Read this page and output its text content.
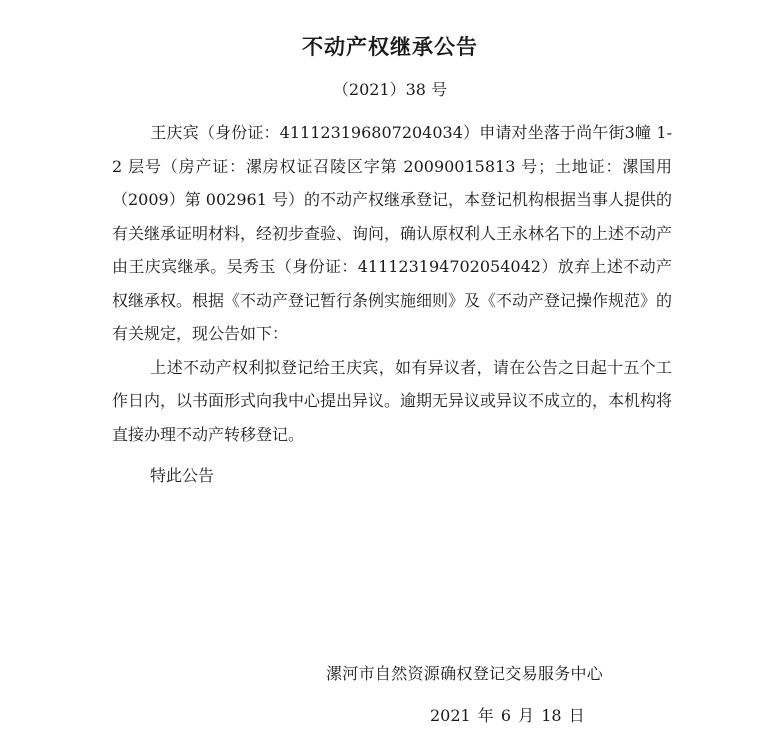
不动产权继承公告
（2021）38 号

王庆宾（身份证：411123196807204034）申请对坐落于尚午街3幢 1-2 层号（房产证：漯房权证召陵区字第 20090015813 号；土地证：漯国用（2009）第 002961 号）的不动产权继承登记，本登记机构根据当事人提供的有关继承证明材料，经初步查验、询问，确认原权利人王永林名下的上述不动产由王庆宾继承。吴秀玉（身份证：411123194702054042）放弃上述不动产权继承权。根据《不动产登记暂行条例实施细则》及《不动产登记操作规范》的有关规定，现公告如下：

上述不动产权利拟登记给王庆宾，如有异议者，请在公告之日起十五个工作日内，以书面形式向我中心提出异议。逾期无异议或异议不成立的，本机构将直接办理不动产转移登记。

特此公告

漯河市自然资源确权登记交易服务中心
2021 年 6 月 18 日
